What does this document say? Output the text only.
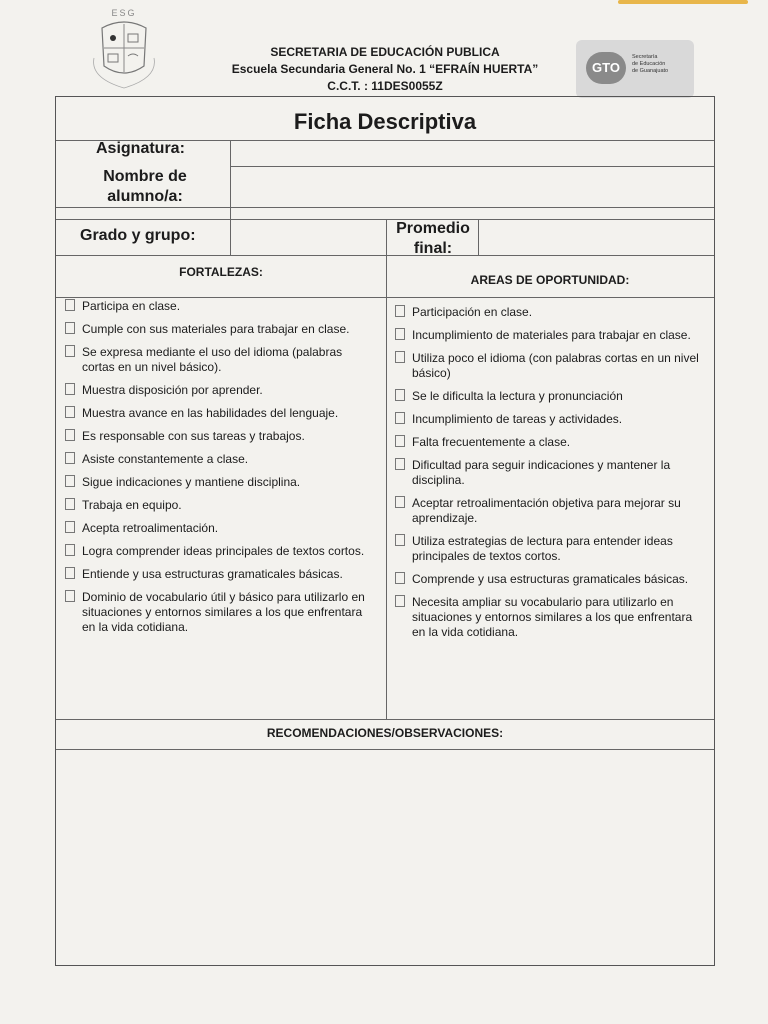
ESG
SECRETARIA DE EDUCACIÓN PUBLICA
Escuela Secundaria General No. 1 “EFRAÍN HUERTA”
C.C.T. : 11DES0055Z
GTO
Secretaría
de Educación
de Guanajuato
Ficha Descriptiva
Asignatura:
Nombre de alumno/a:
Grado y grupo:	Promedio final:
FORTALEZAS:
AREAS DE OPORTUNIDAD:
Participa en clase.
Cumple con sus materiales para trabajar en clase.
Se expresa mediante el uso del idioma (palabras cortas en un nivel básico).
Muestra disposición por aprender.
Muestra avance en las habilidades del lenguaje.
Es responsable con sus tareas y trabajos.
Asiste constantemente a clase.
Sigue indicaciones y mantiene disciplina.
Trabaja en equipo.
Acepta retroalimentación.
Logra comprender ideas principales de textos cortos.
Entiende y usa estructuras gramaticales básicas.
Dominio de vocabulario útil y básico para utilizarlo en situaciones y entornos similares a los que enfrentara en la vida cotidiana.
Participación en clase.
Incumplimiento de materiales para trabajar en clase.
Utiliza poco el idioma (con palabras cortas en un nivel básico)
Se le dificulta la lectura y pronunciación
Incumplimiento de tareas y actividades.
Falta frecuentemente a clase.
Dificultad para seguir indicaciones y mantener la disciplina.
Aceptar retroalimentación objetiva para mejorar su aprendizaje.
Utiliza estrategias de lectura para entender ideas principales de textos cortos.
Comprende y usa estructuras gramaticales básicas.
Necesita ampliar su vocabulario para utilizarlo en situaciones y entornos similares a los que enfrentara en la vida cotidiana.
RECOMENDACIONES/OBSERVACIONES:
